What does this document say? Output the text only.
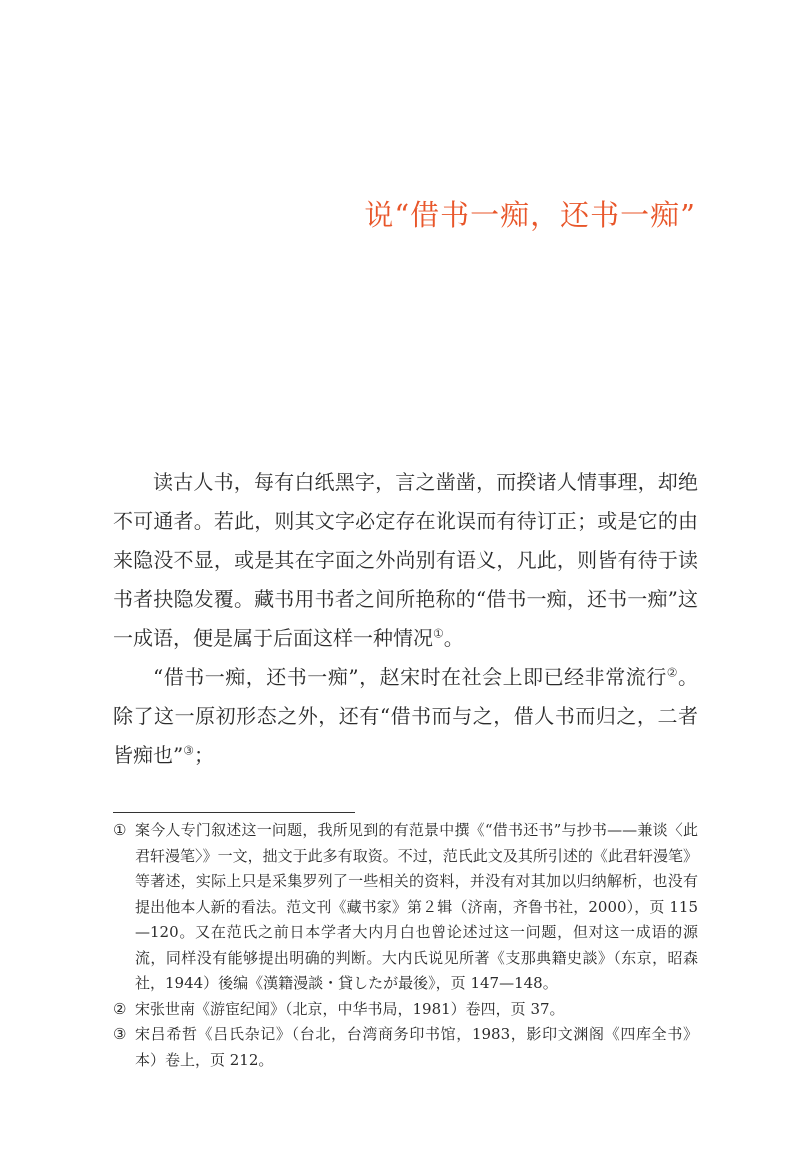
说“借书一痴，还书一痴”

读古人书，每有白纸黑字，言之凿凿，而揆诸人情事理，却绝不可通者。若此，则其文字必定存在讹误而有待订正；或是它的由来隐没不显，或是其在字面之外尚别有语义，凡此，则皆有待于读书者抉隐发覆。藏书用书者之间所艳称的“借书一痴，还书一痴”这一成语，便是属于后面这样一种情况①。

“借书一痴，还书一痴”，赵宋时在社会上即已经非常流行②。除了这一原初形态之外，还有“借书而与之，借人书而归之，二者皆痴也”③；

① 案今人专门叙述这一问题，我所见到的有范景中撰《“借书还书”与抄书——兼谈〈此君轩漫笔〉》一文，拙文于此多有取资。不过，范氏此文及其所引述的《此君轩漫笔》等著述，实际上只是采集罗列了一些相关的资料，并没有对其加以归纳解析，也没有提出他本人新的看法。范文刊《藏书家》第２辑（济南，齐鲁书社，2000），页 115—120。又在范氏之前日本学者大内月白也曾论述过这一问题，但对这一成语的源流，同样没有能够提出明确的判断。大内氏说见所著《支那典籍史談》（东京，昭森社，1944）後编《漢籍漫談・貸したが最後》，页 147—148。
② 宋张世南《游宦纪闻》（北京，中华书局，1981）卷四，页 37。
③ 宋吕希哲《吕氏杂记》（台北，台湾商务印书馆，1983，影印文渊阁《四库全书》本）卷上，页 212。
